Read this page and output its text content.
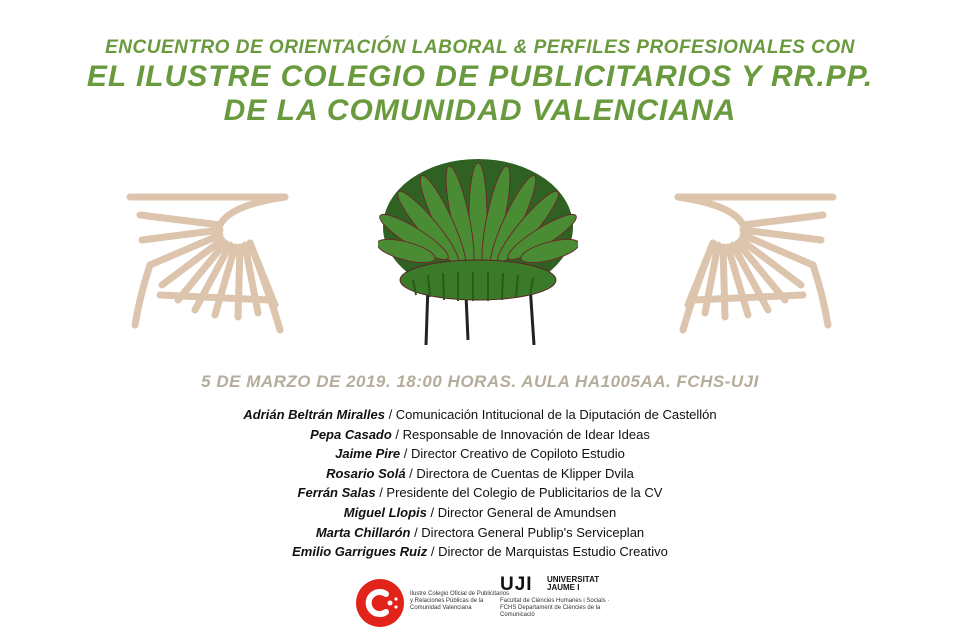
ENCUENTRO DE ORIENTACIÓN LABORAL & PERFILES PROFESIONALES CON
EL ILUSTRE COLEGIO DE PUBLICITARIOS Y RR.PP.
DE LA COMUNIDAD VALENCIANA
5 DE MARZO DE 2019. 18:00 HORAS. AULA HA1005AA. FCHS-UJI
Adrián Beltrán Miralles / Comunicación Intitucional de la Diputación de Castellón
Pepa Casado / Responsable de Innovación de Idear Ideas
Jaime Pire / Director Creativo de Copiloto Estudio
Rosario Solá / Directora de Cuentas de Klipper Dvila
Ferrán Salas / Presidente del Colegio de Publicitarios de la CV
Miguel Llopis / Director General de Amundsen
Marta Chillarón / Directora General Publip's Serviceplan
Emilio Garrigues Ruiz / Director de Marquistas Estudio Creativo
Ilustre Colegio Oficial de Publicitarios y Relaciones Públicas de la Comunidad Valenciana
UJI UNIVERSITAT
JAUME I
Facultat de Ciències Humanes i Socials · FCHS Departament de Ciències de la Comunicació
